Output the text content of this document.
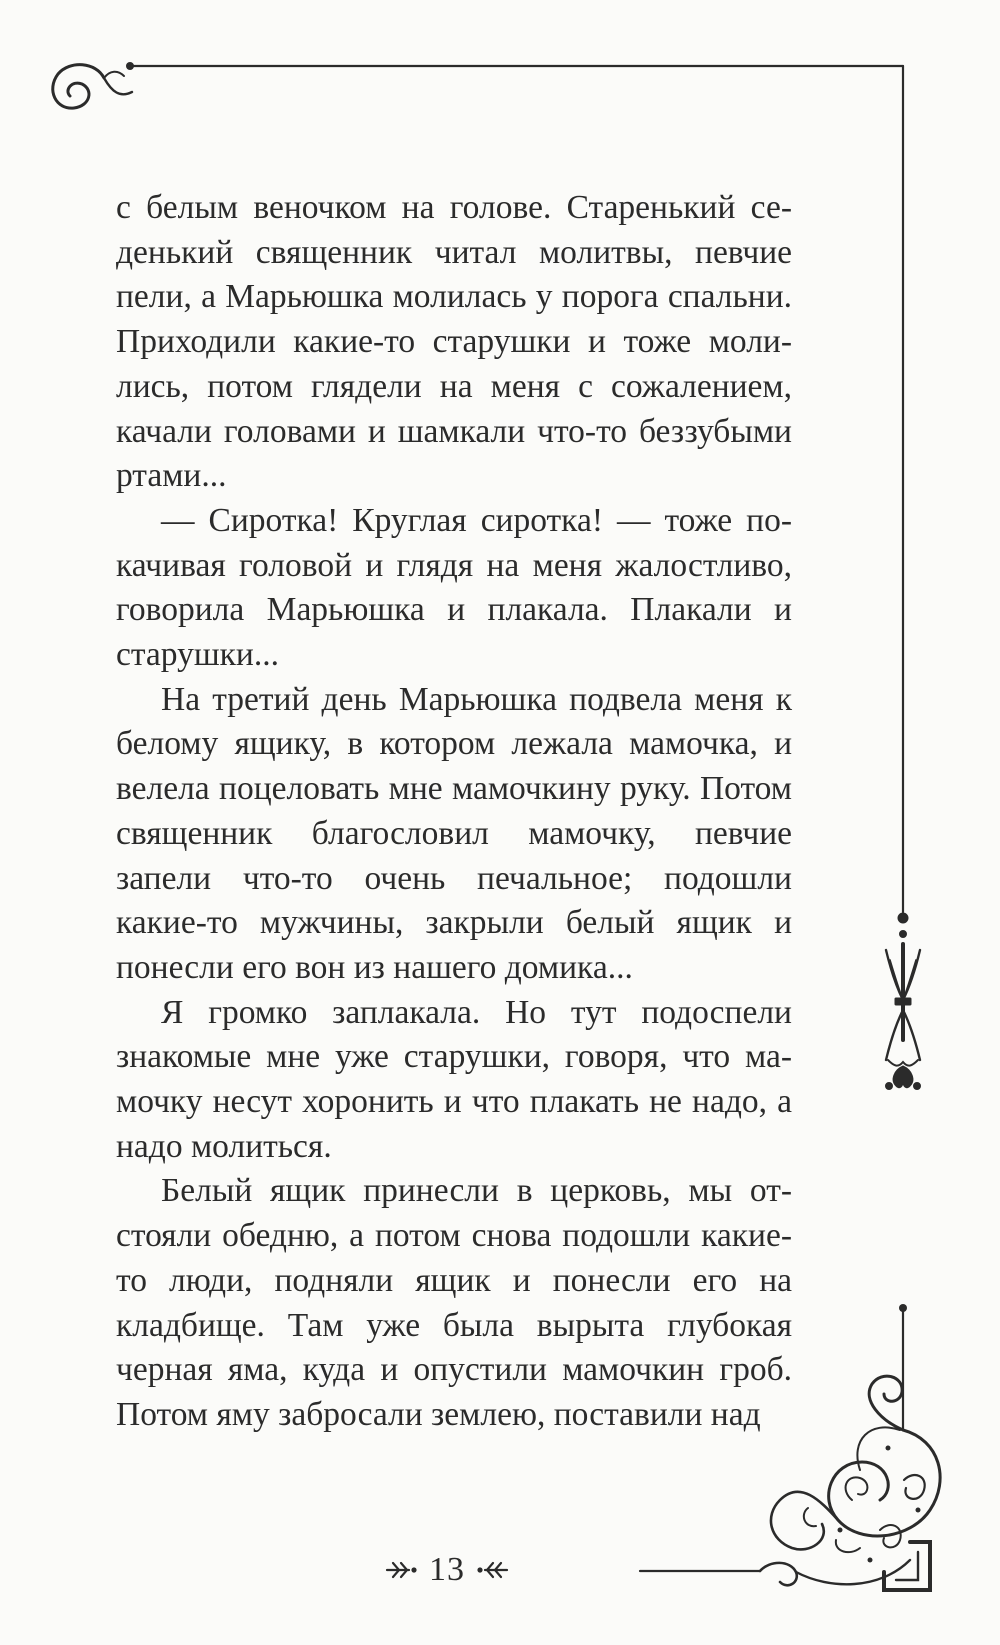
с белым веночком на голове. Старенький седенький священник читал молитвы, певчие пели, а Марьюшка молилась у порога спальни. Приходили какие-то старушки и тоже молились, потом глядели на меня с сожалением, качали головами и шамкали что-то беззубыми ртами...

— Сиротка! Круглая сиротка! — тоже покачивая головой и глядя на меня жалостливо, говорила Марьюшка и плакала. Плакали и старушки...

На третий день Марьюшка подвела меня к белому ящику, в котором лежала мамочка, и велела поцеловать мне мамочкину руку. Потом священник благословил мамочку, певчие запели что-то очень печальное; подошли какие-то мужчины, закрыли белый ящик и понесли его вон из нашего домика...

Я громко заплакала. Но тут подоспели знакомые мне уже старушки, говоря, что мамочку несут хоронить и что плакать не надо, а надо молиться.

Белый ящик принесли в церковь, мы отстояли обедню, а потом снова подошли какие-то люди, подняли ящик и понесли его на кладбище. Там уже была вырыта глубокая черная яма, куда и опустили мамочкин гроб. Потом яму забросали землею, поставили над

13
